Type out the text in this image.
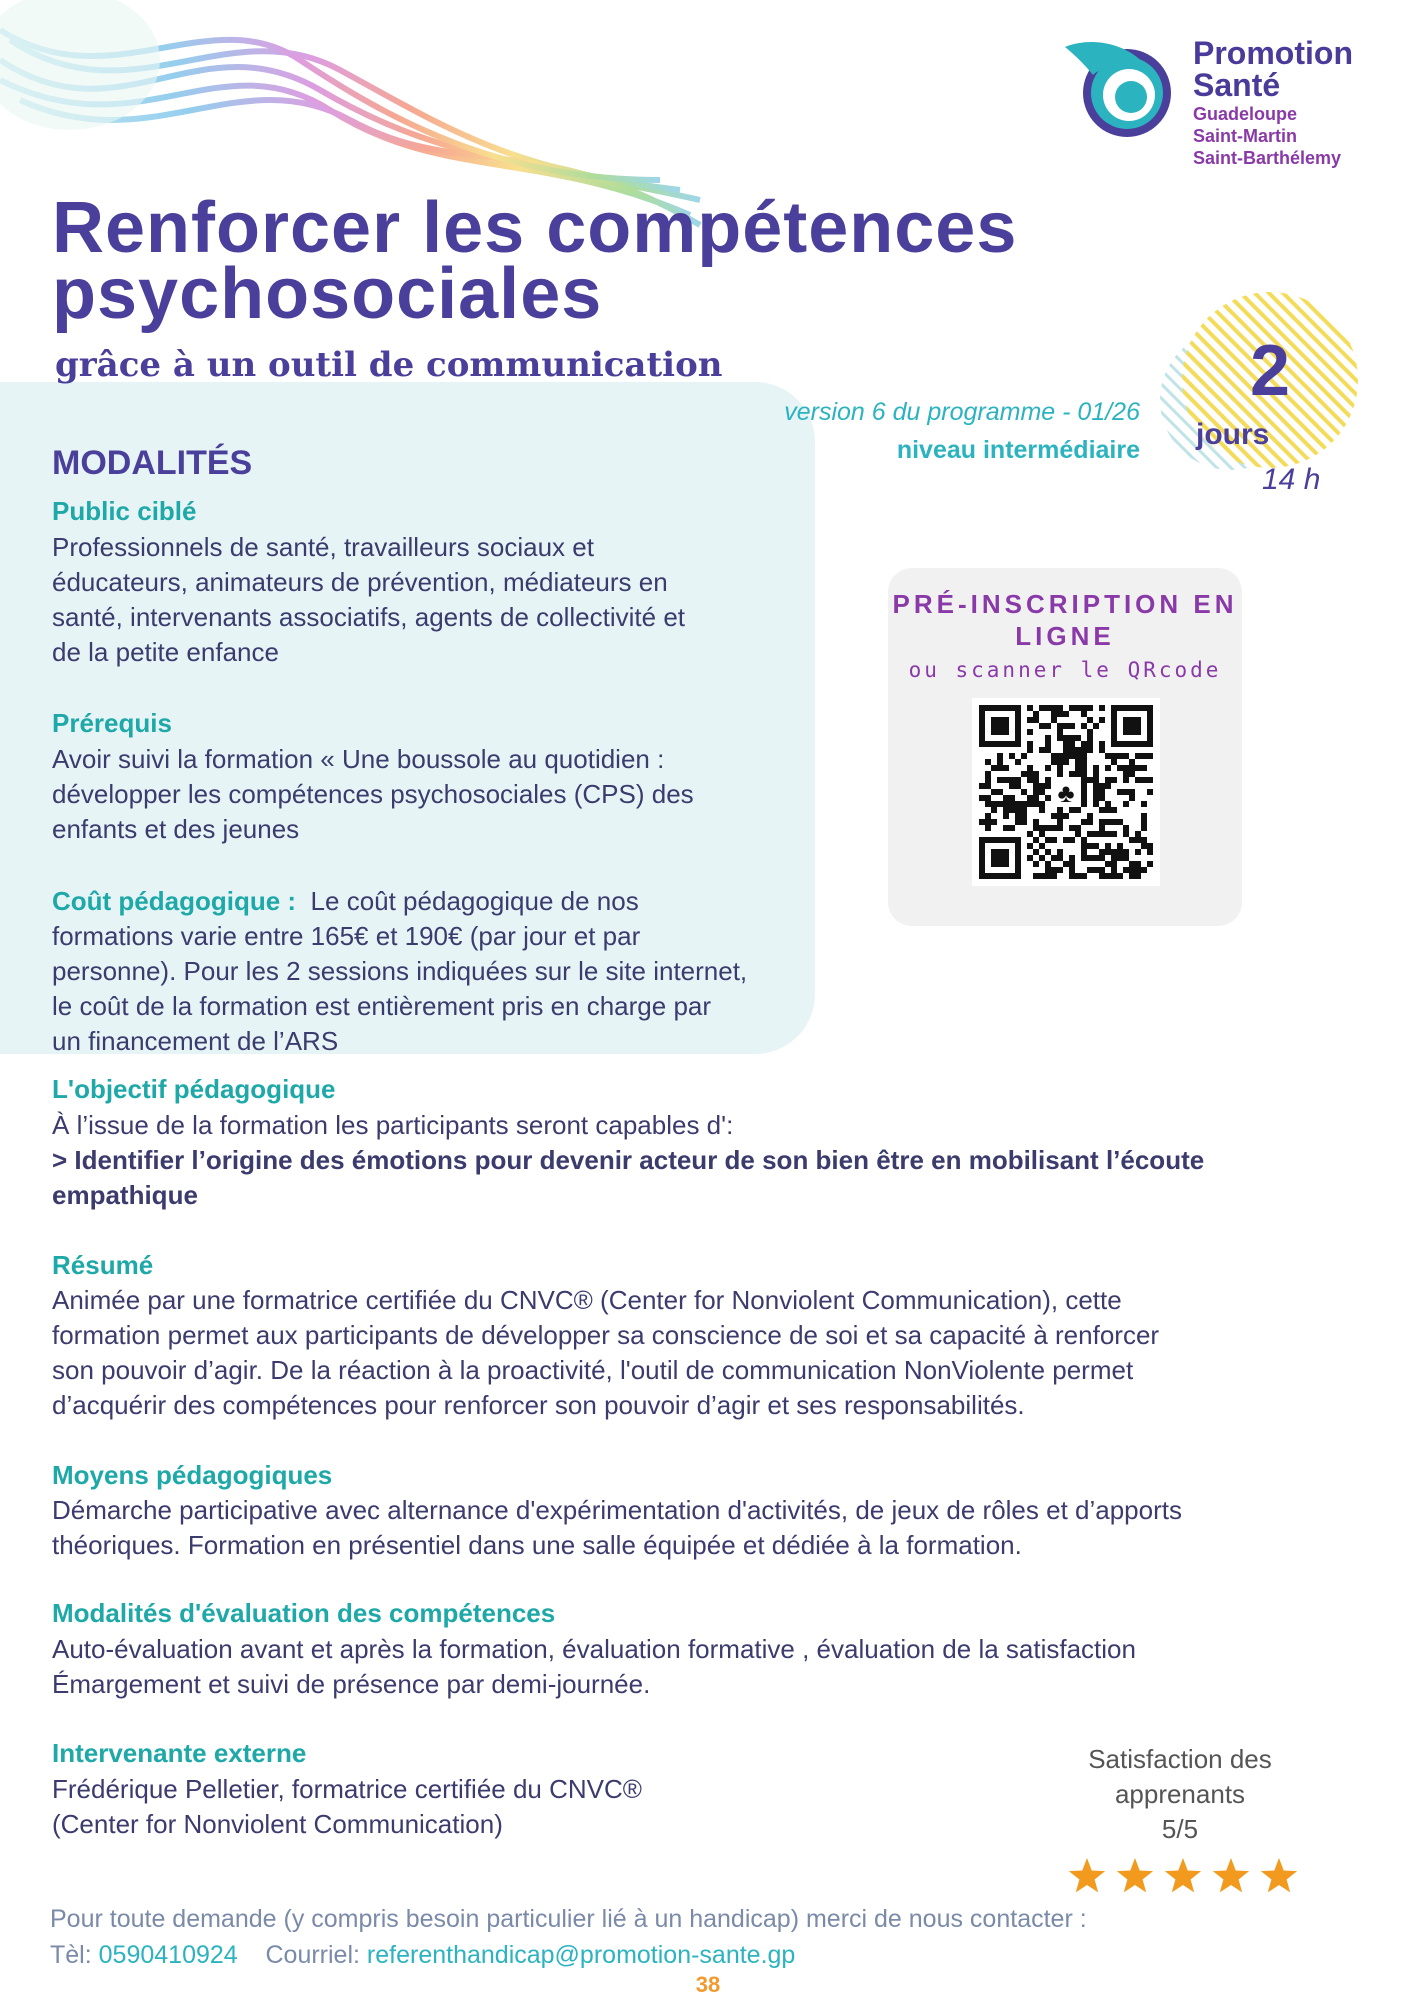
Promotion
Santé
Guadeloupe
Saint-Martin
Saint-Barthélemy
Renforcer les compétences
psychosociales
grâce à un outil de communication
version 6 du programme - 01/26
niveau intermédiaire
2
jours
14 h
MODALITÉS
Public ciblé
Professionnels de santé, travailleurs sociaux et
éducateurs, animateurs de prévention, médiateurs en
santé, intervenants associatifs, agents de collectivité et
de la petite enfance
Prérequis
Avoir suivi la formation « Une boussole au quotidien :
développer les compétences psychosociales (CPS) des
enfants et des jeunes
Coût pédagogique : Le coût pédagogique de nos
formations varie entre 165€ et 190€ (par jour et par
personne). Pour les 2 sessions indiquées sur le site internet,
le coût de la formation est entièrement pris en charge par
un financement de l’ARS
PRÉ-INSCRIPTION EN
LIGNE
ou scanner le QRcode
♣
L'objectif pédagogique
À l’issue de la formation les participants seront capables d':
> Identifier l’origine des émotions pour devenir acteur de son bien être en mobilisant l’écoute
empathique
Résumé
Animée par une formatrice certifiée du CNVC® (Center for Nonviolent Communication), cette
formation permet aux participants de développer sa conscience de soi et sa capacité à renforcer
son pouvoir d’agir. De la réaction à la proactivité, l'outil de communication NonViolente permet
d’acquérir des compétences pour renforcer son pouvoir d’agir et ses responsabilités.
Moyens pédagogiques
Démarche participative avec alternance d'expérimentation d'activités, de jeux de rôles et d’apports
théoriques. Formation en présentiel dans une salle équipée et dédiée à la formation.
Modalités d'évaluation des compétences
Auto-évaluation avant et après la formation, évaluation formative , évaluation de la satisfaction
Émargement et suivi de présence par demi-journée.
Intervenante externe
Frédérique Pelletier, formatrice certifiée du CNVC®
(Center for Nonviolent Communication)
Satisfaction des
apprenants
5/5
Pour toute demande (y compris besoin particulier lié à un handicap) merci de nous contacter :
Tèl: 0590410924 Courriel: referenthandicap@promotion-sante.gp
38
